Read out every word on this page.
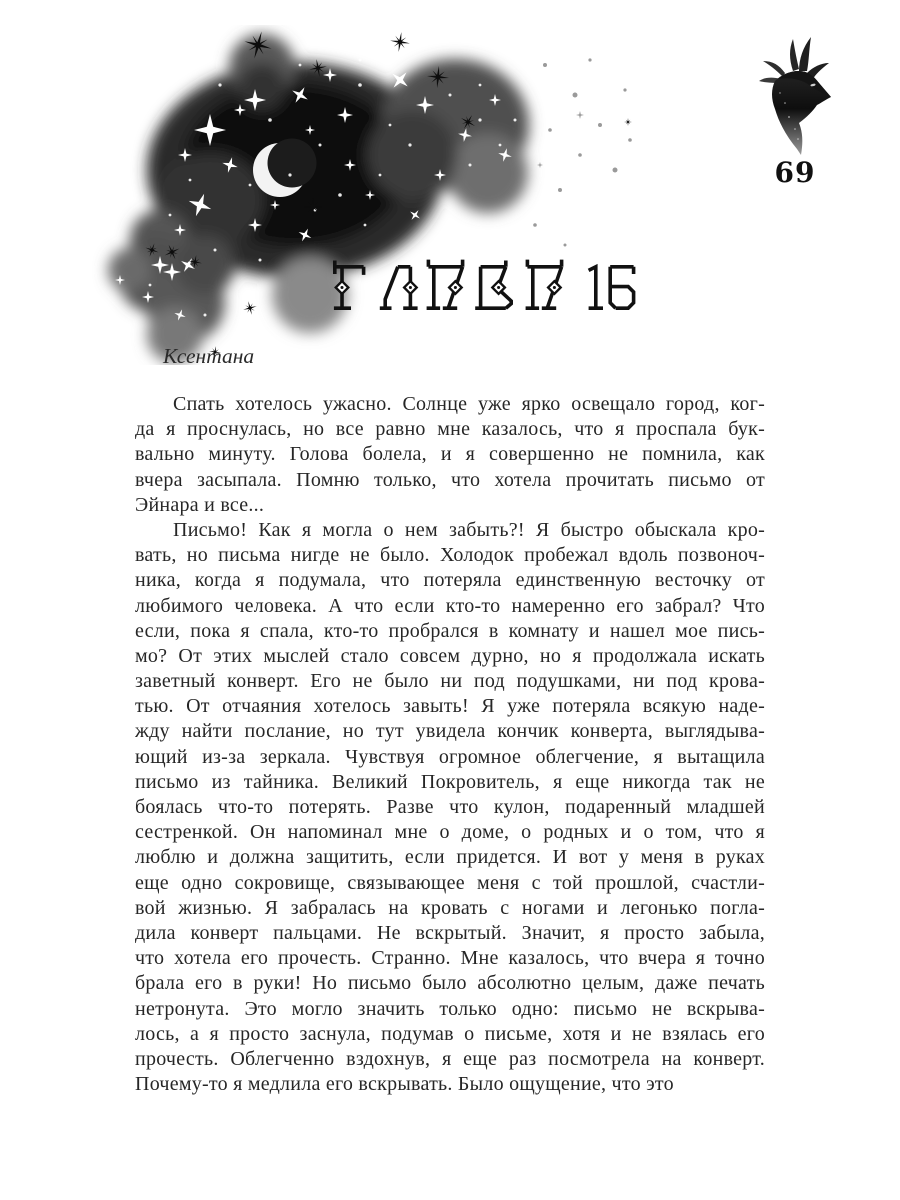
69
Ксентана
Спать хотелось ужасно. Солнце уже ярко освещало город, ког-
да я проснулась, но все равно мне казалось, что я проспала бук-
вально минуту. Голова болела, и я совершенно не помнила, как
вчера засыпала. Помню только, что хотела прочитать письмо от
Эйнара и все...
Письмо! Как я могла о нем забыть?! Я быстро обыскала кро-
вать, но письма нигде не было. Холодок пробежал вдоль позвоноч-
ника, когда я подумала, что потеряла единственную весточку от
любимого человека. А что если кто-то намеренно его забрал? Что
если, пока я спала, кто-то пробрался в комнату и нашел мое пись-
мо? От этих мыслей стало совсем дурно, но я продолжала искать
заветный конверт. Его не было ни под подушками, ни под крова-
тью. От отчаяния хотелось завыть! Я уже потеряла всякую наде-
жду найти послание, но тут увидела кончик конверта, выглядыва-
ющий из-за зеркала. Чувствуя огромное облегчение, я вытащила
письмо из тайника. Великий Покровитель, я еще никогда так не
боялась что-то потерять. Разве что кулон, подаренный младшей
сестренкой. Он напоминал мне о доме, о родных и о том, что я
люблю и должна защитить, если придется. И вот у меня в руках
еще одно сокровище, связывающее меня с той прошлой, счастли-
вой жизнью. Я забралась на кровать с ногами и легонько погла-
дила конверт пальцами. Не вскрытый. Значит, я просто забыла,
что хотела его прочесть. Странно. Мне казалось, что вчера я точно
брала его в руки! Но письмо было абсолютно целым, даже печать
нетронута. Это могло значить только одно: письмо не вскрыва-
лось, а я просто заснула, подумав о письме, хотя и не взялась его
прочесть. Облегченно вздохнув, я еще раз посмотрела на конверт.
Почему-то я медлила его вскрывать. Было ощущение, что это
